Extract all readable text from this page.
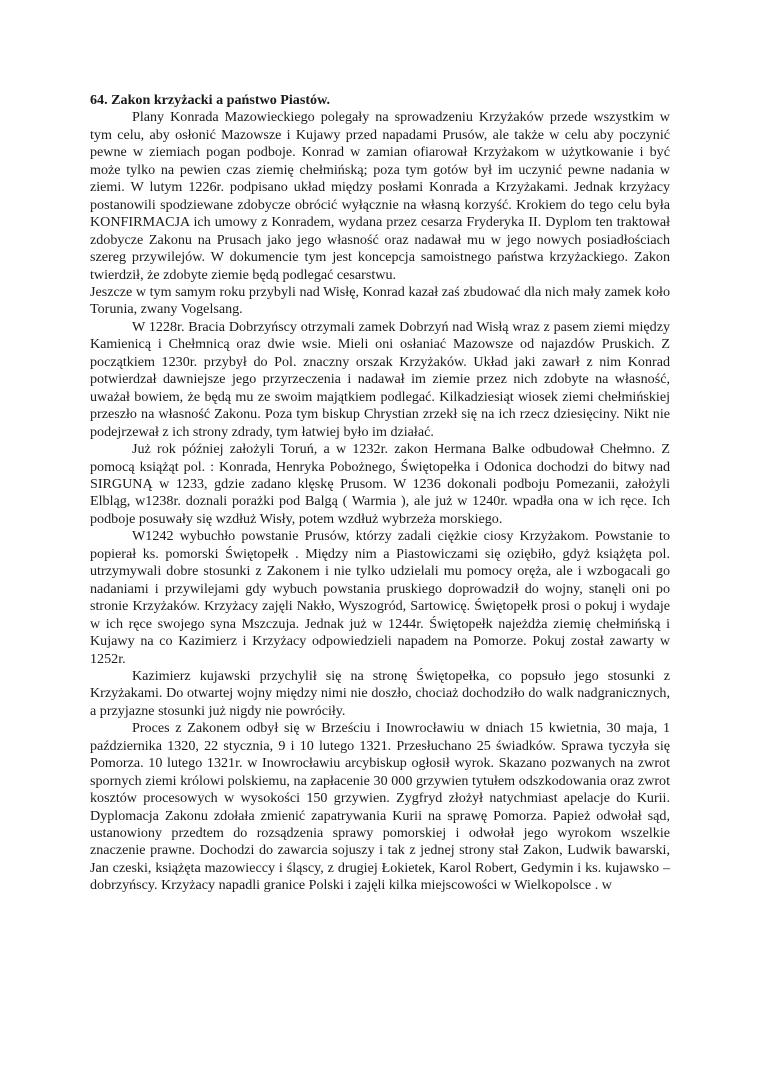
64. Zakon krzyżacki a państwo Piastów.

Plany Konrada Mazowieckiego polegały na sprowadzeniu Krzyżaków przede wszystkim w tym celu, aby osłonić Mazowsze i Kujawy przed napadami Prusów, ale także w celu aby poczynić pewne w ziemiach pogan podboje. Konrad w zamian ofiarował Krzyżakom w użytkowanie i być może tylko na pewien czas ziemię chełmińską; poza tym gotów był im uczynić pewne nadania w ziemi. W lutym 1226r. podpisano układ między posłami Konrada a Krzyżakami. Jednak krzyżacy postanowili spodziewane zdobycze obrócić wyłącznie na własną korzyść. Krokiem do tego celu była KONFIRMACJA ich umowy z Konradem, wydana przez cesarza Fryderyka II. Dyplom ten traktował zdobycze Zakonu na Prusach jako jego własność oraz nadawał mu w jego nowych posiadłościach szereg przywilejów. W dokumencie tym jest koncepcja samoistnego państwa krzyżackiego. Zakon twierdził, że zdobyte ziemie będą podlegać cesarstwu.

Jeszcze w tym samym roku przybyli nad Wisłę, Konrad kazał zaś zbudować dla nich mały zamek koło Torunia, zwany Vogelsang.

W 1228r. Bracia Dobrzyńscy otrzymali zamek Dobrzyń nad Wisłą wraz z pasem ziemi między Kamienicą i Chełmnicą oraz dwie wsie. Mieli oni osłaniać Mazowsze od najazdów Pruskich. Z początkiem 1230r. przybył do Pol. znaczny orszak Krzyżaków. Układ jaki zawarł z nim Konrad potwierdzał dawniejsze jego przyrzeczenia i nadawał im ziemie przez nich zdobyte na własność, uważał bowiem, że będą mu ze swoim majątkiem podlegać. Kilkadziesiąt wiosek ziemi chełmińskiej przeszło na własność Zakonu. Poza tym biskup Chrystian zrzekł się na ich rzecz dziesięciny. Nikt nie podejrzewał z ich strony zdrady, tym łatwiej było im działać.

Już rok później założyli Toruń, a w 1232r. zakon Hermana Balke odbudował Chełmno. Z pomocą książąt pol. : Konrada, Henryka Pobożnego, Świętopełka i Odonica dochodzi do bitwy nad SIRGUNĄ w 1233, gdzie zadano klęskę Prusom. W 1236 dokonali podboju Pomezanii, założyli Elbląg, w1238r. doznali porażki pod Balgą ( Warmia ), ale już w 1240r. wpadła ona w ich ręce. Ich podboje posuwały się wzdłuż Wisły, potem wzdłuż wybrzeża morskiego.

W1242 wybuchło powstanie Prusów, którzy zadali ciężkie ciosy Krzyżakom. Powstanie to popierał ks. pomorski Świętopełk . Między nim a Piastowiczami się oziębiło, gdyż książęta pol. utrzymywali dobre stosunki z Zakonem i nie tylko udzielali mu pomocy oręża, ale i wzbogacali go nadaniami i przywilejami gdy wybuch powstania pruskiego doprowadził do wojny, stanęli oni po stronie Krzyżaków. Krzyżacy zajęli Nakło, Wyszogród, Sartowicę. Świętopełk prosi o pokuj i wydaje w ich ręce swojego syna Mszczuja. Jednak już w 1244r. Świętopełk najeżdża ziemię chełmińską i Kujawy na co Kazimierz i Krzyżacy odpowiedzieli napadem na Pomorze. Pokuj został zawarty w 1252r.

Kazimierz kujawski przychylił się na stronę Świętopełka, co popsuło jego stosunki z Krzyżakami. Do otwartej wojny między nimi nie doszło, chociaż dochodziło do walk nadgranicznych, a przyjazne stosunki już nigdy nie powróciły.

Proces z Zakonem odbył się w Brześciu i Inowrocławiu w dniach 15 kwietnia, 30 maja, 1 października 1320, 22 stycznia, 9 i 10 lutego 1321. Przesłuchano 25 świadków. Sprawa tyczyła się Pomorza. 10 lutego 1321r. w Inowrocławiu arcybiskup ogłosił wyrok. Skazano pozwanych na zwrot spornych ziemi królowi polskiemu, na zapłacenie 30 000 grzywien tytułem odszkodowania oraz zwrot kosztów procesowych w wysokości 150 grzywien. Zygfryd złożył natychmiast apelacje do Kurii. Dyplomacja Zakonu zdołała zmienić zapatrywania Kurii na sprawę Pomorza. Papież odwołał sąd, ustanowiony przedtem do rozsądzenia sprawy pomorskiej i odwołał jego wyrokom wszelkie znaczenie prawne. Dochodzi do zawarcia sojuszy i tak z jednej strony stał Zakon, Ludwik bawarski, Jan czeski, książęta mazowieccy i śląscy, z drugiej Łokietek, Karol Robert, Gedymin i ks. kujawsko – dobrzyńscy. Krzyżacy napadli granice Polski i zajęli kilka miejscowości w Wielkopolsce . w
